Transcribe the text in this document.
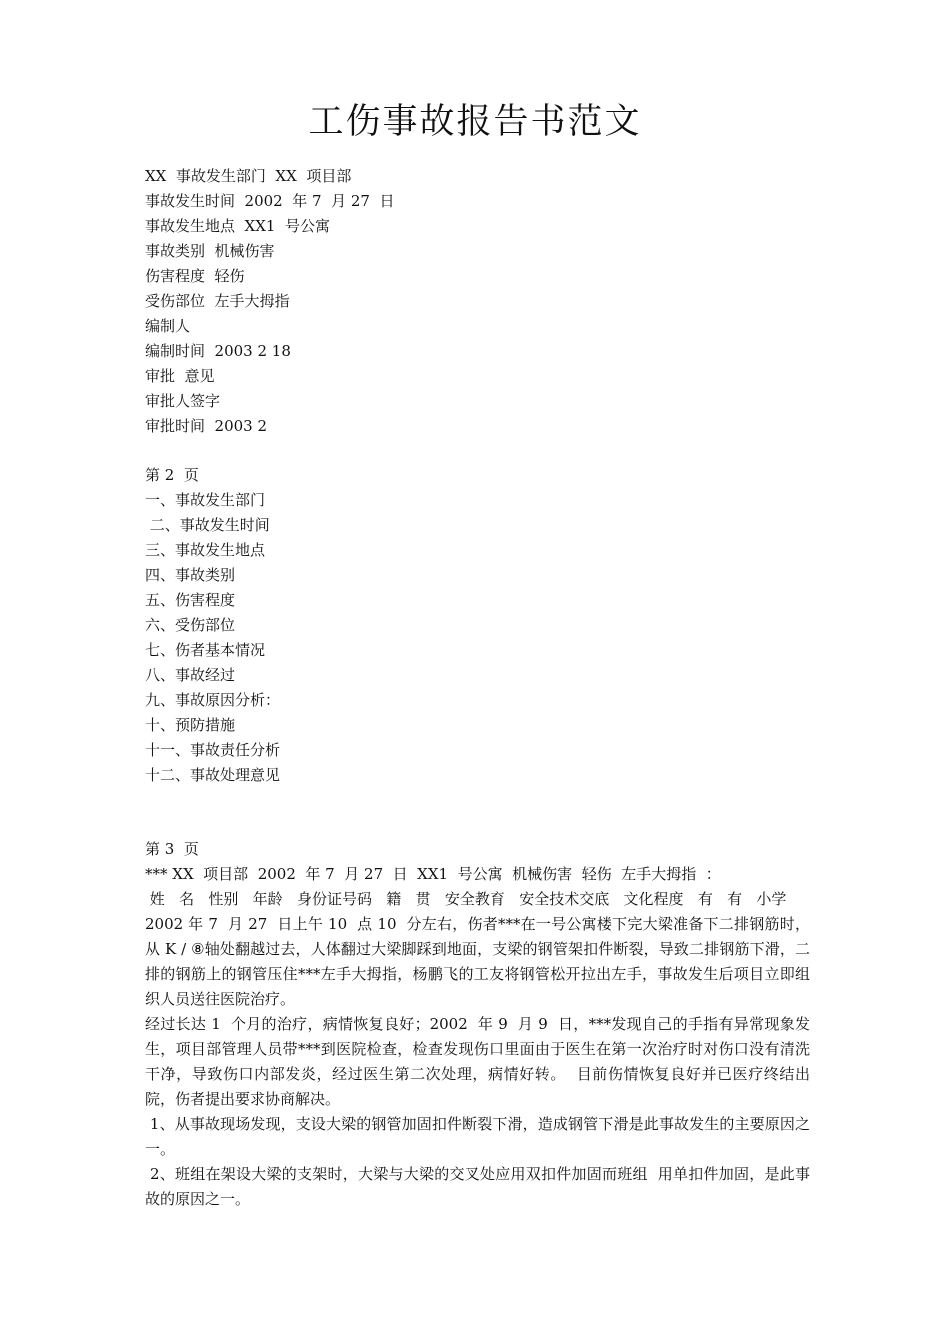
工伤事故报告书范文
XX  事故发生部门  XX  项目部
事故发生时间  2002  年 7  月 27  日
事故发生地点  XX1  号公寓
事故类别  机械伤害
伤害程度  轻伤
受伤部位  左手大拇指
编制人
编制时间  2003 2 18
审批  意见
审批人签字
审批时间  2003 2
第 2  页
一、事故发生部门
二、事故发生时间
三、事故发生地点
四、事故类别
五、伤害程度
六、受伤部位
七、伤者基本情况
八、事故经过
九、事故原因分析：
十、预防措施
十一、事故责任分析
十二、事故处理意见
第 3  页
*** XX  项目部  2002  年 7  月 27  日  XX1  号公寓  机械伤害  轻伤  左手大拇指  ：
姓   名   性别   年龄   身份证号码   籍   贯   安全教育   安全技术交底   文化程度   有   有   小学
2002 年 7  月 27  日上午 10  点 10  分左右，伤者***在一号公寓楼下完大梁准备下二排钢筋时，从 K / ⑧轴处翻越过去，人体翻过大梁脚踩到地面，支梁的钢管架扣件断裂，导致二排钢筋下滑，二排的钢筋上的钢管压住***左手大拇指，杨鹏飞的工友将钢管松开拉出左手，事故发生后项目立即组织人员送往医院治疗。
经过长达 1  个月的治疗，病情恢复良好；2002  年 9  月 9  日，***发现自己的手指有异常现象发生，项目部管理人员带***到医院检查，检查发现伤口里面由于医生在第一次治疗时对伤口没有清洗干净，导致伤口内部发炎，经过医生第二次处理，病情好转。  目前伤情恢复良好并已医疗终结出院，伤者提出要求协商解决。
1、从事故现场发现，支设大梁的钢管加固扣件断裂下滑，造成钢管下滑是此事故发生的主要原因之一。
2、班组在架设大梁的支架时，大梁与大梁的交叉处应用双扣件加固而班组  用单扣件加固，是此事故的原因之一。
